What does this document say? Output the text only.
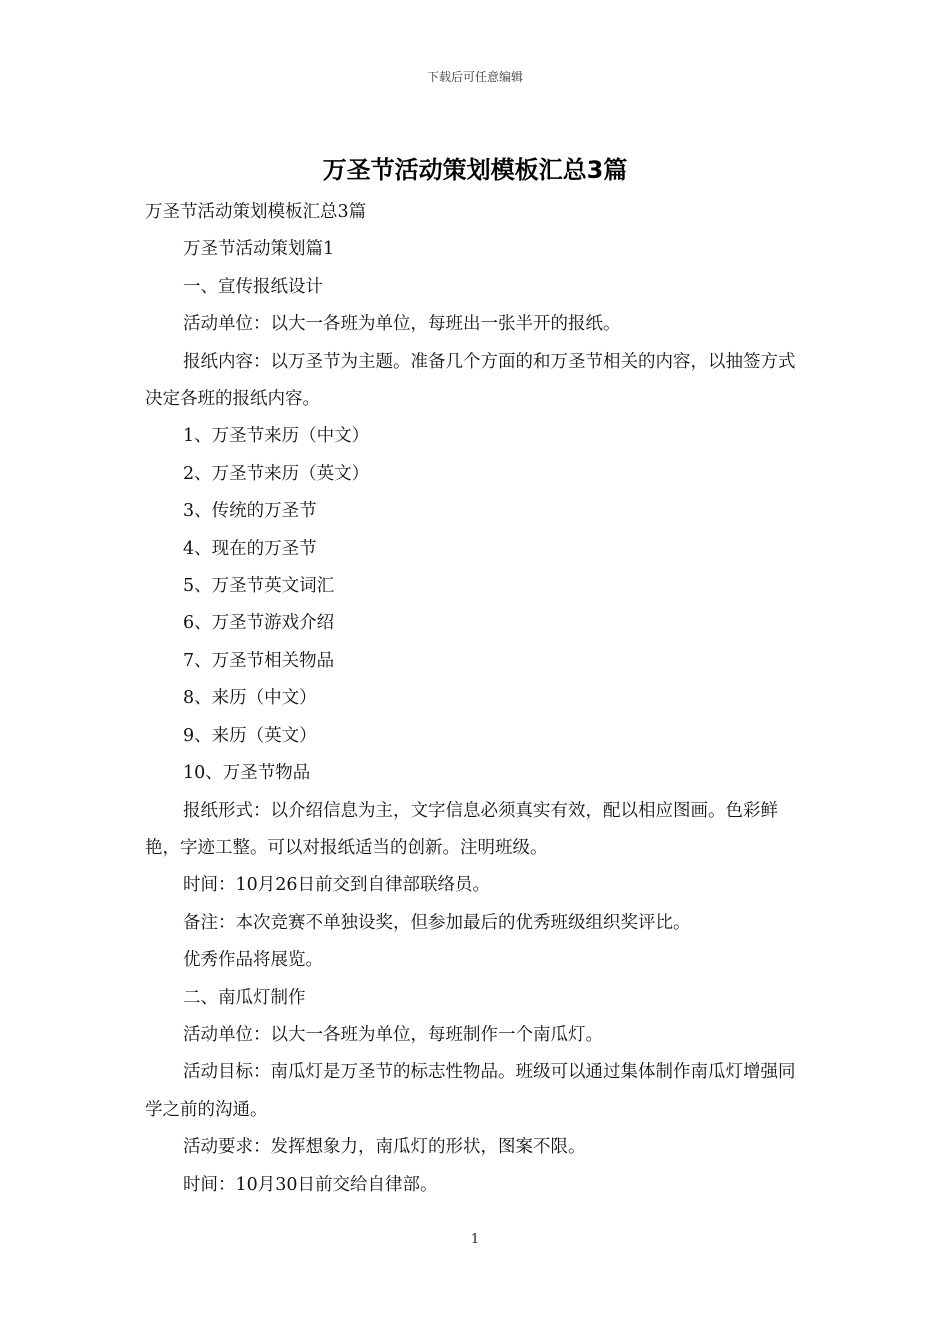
下载后可任意编辑
万圣节活动策划模板汇总3篇

万圣节活动策划模板汇总3篇

万圣节活动策划篇1

一、宣传报纸设计

活动单位：以大一各班为单位，每班出一张半开的报纸。

报纸内容：以万圣节为主题。准备几个方面的和万圣节相关的内容，以抽签方式决定各班的报纸内容。

1、万圣节来历（中文）

2、万圣节来历（英文）

3、传统的万圣节

4、现在的万圣节

5、万圣节英文词汇

6、万圣节游戏介绍

7、万圣节相关物品

8、来历（中文）

9、来历（英文）

10、万圣节物品

报纸形式：以介绍信息为主，文字信息必须真实有效，配以相应图画。色彩鲜艳，字迹工整。可以对报纸适当的创新。注明班级。

时间：10月26日前交到自律部联络员。

备注：本次竞赛不单独设奖，但参加最后的优秀班级组织奖评比。

优秀作品将展览。

二、南瓜灯制作

活动单位：以大一各班为单位，每班制作一个南瓜灯。

活动目标：南瓜灯是万圣节的标志性物品。班级可以通过集体制作南瓜灯增强同学之前的沟通。

活动要求：发挥想象力，南瓜灯的形状，图案不限。

时间：10月30日前交给自律部。

1
